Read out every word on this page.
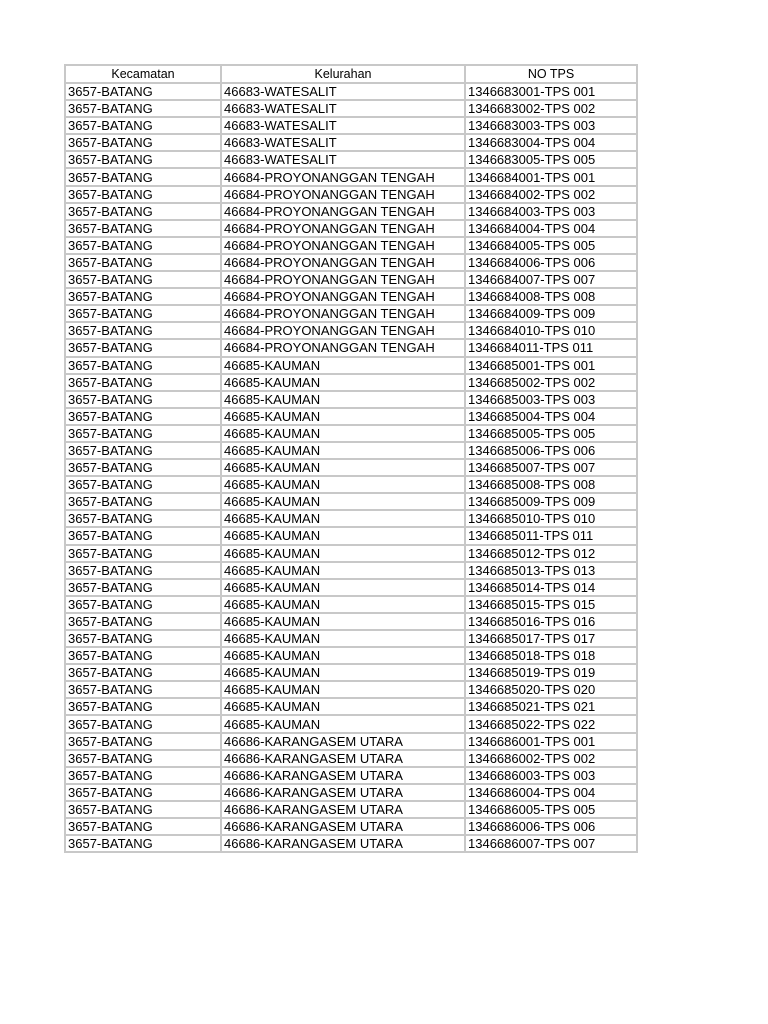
Kecamatan	Kelurahan	NO TPS
3657-BATANG	46683-WATESALIT	1346683001-TPS 001
3657-BATANG	46683-WATESALIT	1346683002-TPS 002
3657-BATANG	46683-WATESALIT	1346683003-TPS 003
3657-BATANG	46683-WATESALIT	1346683004-TPS 004
3657-BATANG	46683-WATESALIT	1346683005-TPS 005
3657-BATANG	46684-PROYONANGGAN TENGAH	1346684001-TPS 001
3657-BATANG	46684-PROYONANGGAN TENGAH	1346684002-TPS 002
3657-BATANG	46684-PROYONANGGAN TENGAH	1346684003-TPS 003
3657-BATANG	46684-PROYONANGGAN TENGAH	1346684004-TPS 004
3657-BATANG	46684-PROYONANGGAN TENGAH	1346684005-TPS 005
3657-BATANG	46684-PROYONANGGAN TENGAH	1346684006-TPS 006
3657-BATANG	46684-PROYONANGGAN TENGAH	1346684007-TPS 007
3657-BATANG	46684-PROYONANGGAN TENGAH	1346684008-TPS 008
3657-BATANG	46684-PROYONANGGAN TENGAH	1346684009-TPS 009
3657-BATANG	46684-PROYONANGGAN TENGAH	1346684010-TPS 010
3657-BATANG	46684-PROYONANGGAN TENGAH	1346684011-TPS 011
3657-BATANG	46685-KAUMAN	1346685001-TPS 001
3657-BATANG	46685-KAUMAN	1346685002-TPS 002
3657-BATANG	46685-KAUMAN	1346685003-TPS 003
3657-BATANG	46685-KAUMAN	1346685004-TPS 004
3657-BATANG	46685-KAUMAN	1346685005-TPS 005
3657-BATANG	46685-KAUMAN	1346685006-TPS 006
3657-BATANG	46685-KAUMAN	1346685007-TPS 007
3657-BATANG	46685-KAUMAN	1346685008-TPS 008
3657-BATANG	46685-KAUMAN	1346685009-TPS 009
3657-BATANG	46685-KAUMAN	1346685010-TPS 010
3657-BATANG	46685-KAUMAN	1346685011-TPS 011
3657-BATANG	46685-KAUMAN	1346685012-TPS 012
3657-BATANG	46685-KAUMAN	1346685013-TPS 013
3657-BATANG	46685-KAUMAN	1346685014-TPS 014
3657-BATANG	46685-KAUMAN	1346685015-TPS 015
3657-BATANG	46685-KAUMAN	1346685016-TPS 016
3657-BATANG	46685-KAUMAN	1346685017-TPS 017
3657-BATANG	46685-KAUMAN	1346685018-TPS 018
3657-BATANG	46685-KAUMAN	1346685019-TPS 019
3657-BATANG	46685-KAUMAN	1346685020-TPS 020
3657-BATANG	46685-KAUMAN	1346685021-TPS 021
3657-BATANG	46685-KAUMAN	1346685022-TPS 022
3657-BATANG	46686-KARANGASEM UTARA	1346686001-TPS 001
3657-BATANG	46686-KARANGASEM UTARA	1346686002-TPS 002
3657-BATANG	46686-KARANGASEM UTARA	1346686003-TPS 003
3657-BATANG	46686-KARANGASEM UTARA	1346686004-TPS 004
3657-BATANG	46686-KARANGASEM UTARA	1346686005-TPS 005
3657-BATANG	46686-KARANGASEM UTARA	1346686006-TPS 006
3657-BATANG	46686-KARANGASEM UTARA	1346686007-TPS 007
